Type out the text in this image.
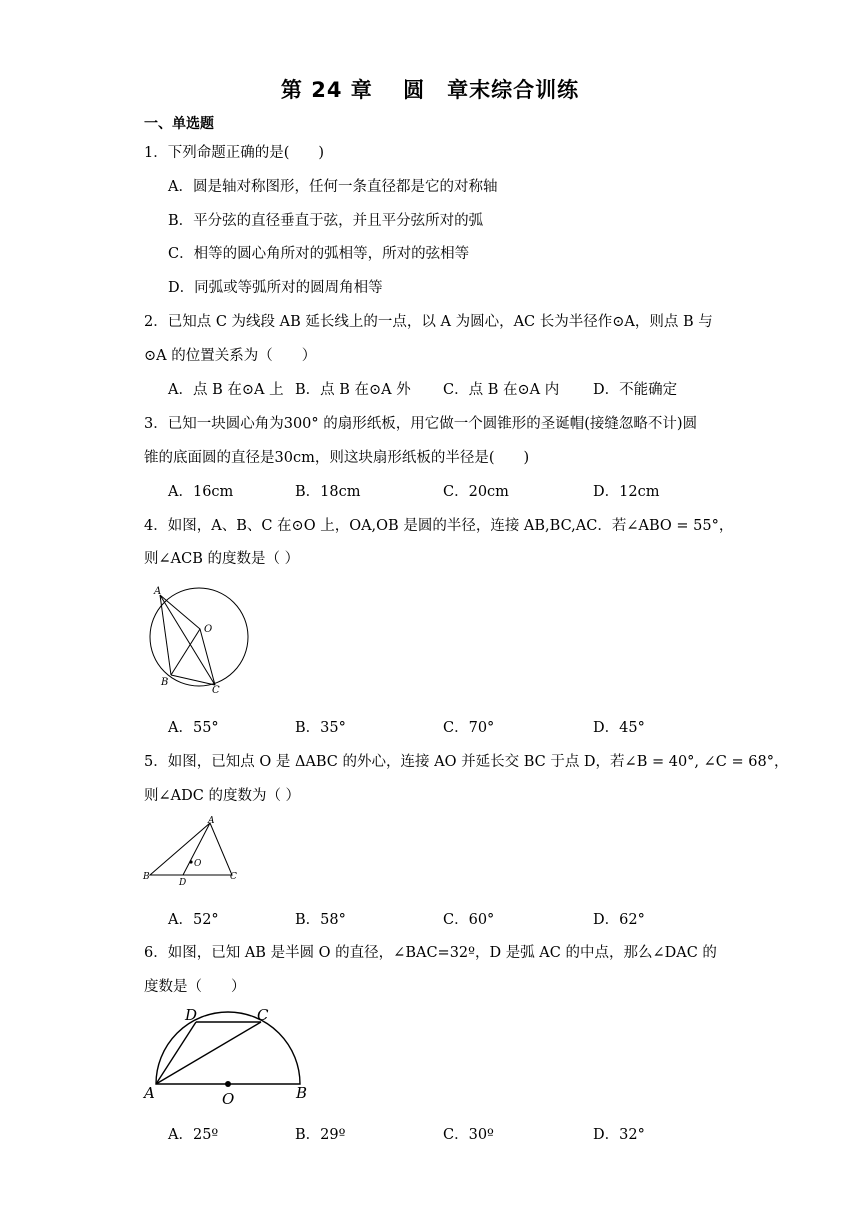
第 24 章　 圆　章末综合训练
一、单选题
1．下列命题正确的是(　　)
A．圆是轴对称图形，任何一条直径都是它的对称轴
B．平分弦的直径垂直于弦，并且平分弦所对的弧
C．相等的圆心角所对的弧相等，所对的弦相等
D．同弧或等弧所对的圆周角相等
2．已知点 C 为线段 AB 延长线上的一点，以 A 为圆心，AC 长为半径作⊙A，则点 B 与
⊙A 的位置关系为（　　）
A．点 B 在⊙A 上 B．点 B 在⊙A 外 C．点 B 在⊙A 内 D．不能确定
3．已知一块圆心角为300° 的扇形纸板，用它做一个圆锥形的圣诞帽(接缝忽略不计)圆
锥的底面圆的直径是30cm，则这块扇形纸板的半径是(　　)
A．16cm	B．18cm	C．20cm	D．12cm
4．如图，A、B、C 在⊙O 上，OA,OB 是圆的半径，连接 AB,BC,AC．若∠ABO = 55°，
则∠ACB 的度数是（ ）
A
O
B
C
A．55°	B．35°	C．70°	D．45°
5．如图，已知点 O 是 ΔABC 的外心，连接 AO 并延长交 BC 于点 D，若∠B = 40°, ∠C = 68°，
则∠ADC 的度数为（ ）
A
O
B
D
C
A．52°	B．58°	C．60°	D．62°
6．如图，已知 AB 是半圆 O 的直径，∠BAC=32º，D 是弧 AC 的中点，那么∠DAC 的
度数是（　　）
D	C
A	O	B
A．25º	B．29º	C．30º	D．32°
